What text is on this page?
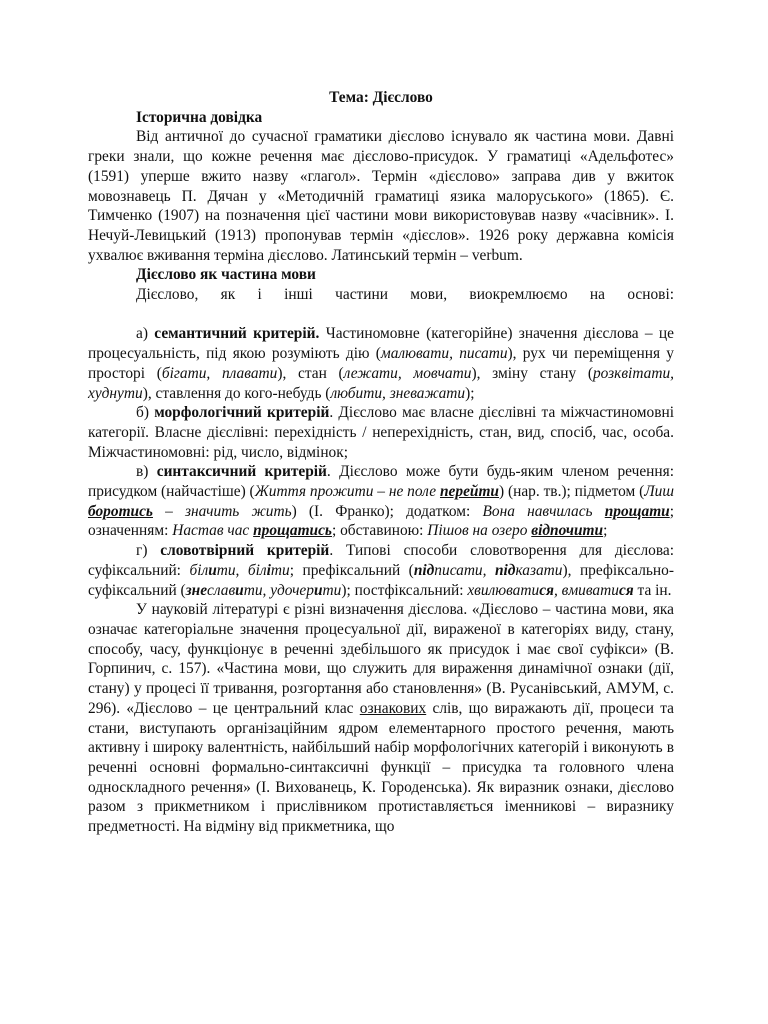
Тема: Дієслово

Історична довідка

Від античної до сучасної граматики дієслово існувало як частина мови. Давні греки знали, що кожне речення має дієслово-присудок. У граматиці «Адельфотес» (1591) уперше вжито назву «глагол». Термін «дієслово» заправа див у вжиток мовознавець П. Дячан у «Методичній граматиці язика малоруського» (1865). Є. Тимченко (1907) на позначення цієї частини мови використовував назву «часівник». І. Нечуй-Левицький (1913) пропонував термін «дієслов». 1926 року державна комісія ухвалює вживання терміна дієслово. Латинський термін – verbum.

Дієслово як частина мови

Дієслово, як і інші частини мови, виокремлюємо на основі:

а) семантичний критерій. Частиномовне (категорійне) значення дієслова – це процесуальність, під якою розуміють дію (малювати, писати), рух чи переміщення у просторі (бігати, плавати), стан (лежати, мовчати), зміну стану (розквітати, худнути), ставлення до кого-небудь (любити, зневажати);

б) морфологічний критерій. Дієслово має власне дієслівні та міжчастиномовні категорії. Власне дієслівні: перехідність / неперехідність, стан, вид, спосіб, час, особа. Міжчастиномовні: рід, число, відмінок;

в) синтаксичний критерій. Дієслово може бути будь-яким членом речення: присудком (найчастіше) (Життя прожити – не поле перейти) (нар. тв.); підметом (Лиш боротись – значить жить) (І. Франко); додатком: Вона навчилась прощати; означенням: Настав час прощатись; обставиною: Пішов на озеро відпочити;

г) словотвірний критерій. Типові способи словотворення для дієслова: суфіксальний: білити, біліти; префіксальний (підписати, підказати), префіксально-суфіксальний (знеславити, удочерити); постфіксальний: хвилюватися, вмиватися та ін.

У науковій літературі є різні визначення дієслова. «Дієслово – частина мови, яка означає категоріальне значення процесуальної дії, вираженої в категоріях виду, стану, способу, часу, функціонує в реченні здебільшого як присудок і має свої суфікси» (В. Горпинич, с. 157). «Частина мови, що служить для вираження динамічної ознаки (дії, стану) у процесі її тривання, розгортання або становлення» (В. Русанівський, АМУМ, с. 296). «Дієслово – це центральний клас ознакових слів, що виражають дії, процеси та стани, виступають організаційним ядром елементарного простого речення, мають активну і широку валентність, найбільший набір морфологічних категорій і виконують в реченні основні формально-синтаксичні функції – присудка та головного члена односкладного речення» (І. Вихованець, К. Городенська). Як виразник ознаки, дієслово разом з прикметником і прислівником протиставляється іменникові – виразнику предметності. На відміну від прикметника, що
